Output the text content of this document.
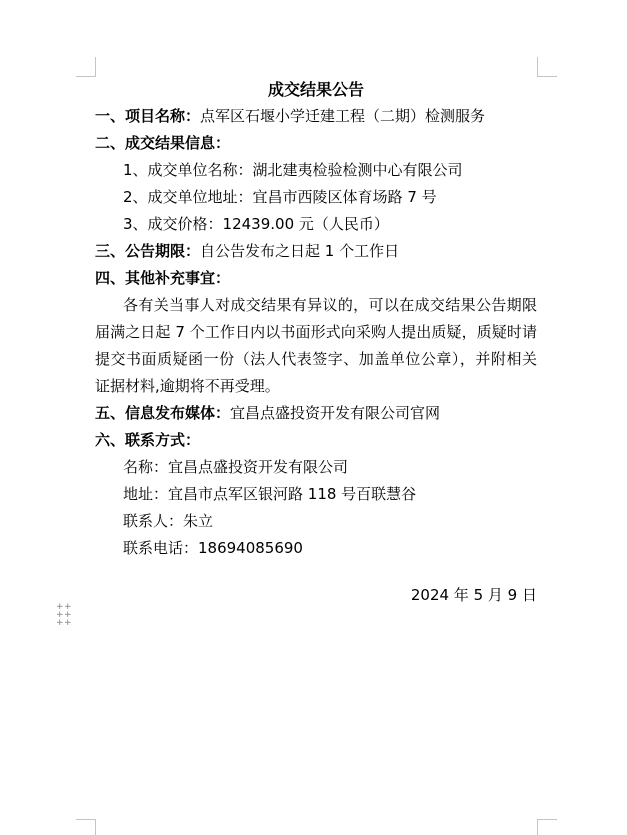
成交结果公告

一、项目名称：点军区石堰小学迁建工程（二期）检测服务

二、成交结果信息：

1、成交单位名称：湖北建夷检验检测中心有限公司

2、成交单位地址：宜昌市西陵区体育场路 7 号

3、成交价格：12439.00 元（人民币）

三、公告期限：自公告发布之日起 1 个工作日

四、其他补充事宜：

各有关当事人对成交结果有异议的，可以在成交结果公告期限届满之日起 7 个工作日内以书面形式向采购人提出质疑，质疑时请提交书面质疑函一份（法人代表签字、加盖单位公章），并附相关证据材料,逾期将不再受理。

五、信息发布媒体：宜昌点盛投资开发有限公司官网

六、联系方式：

名称：宜昌点盛投资开发有限公司

地址：宜昌市点军区银河路 118 号百联慧谷

联系人：朱立

联系电话：18694085690

2024 年 5 月 9 日

+ +
+ +
+ +
